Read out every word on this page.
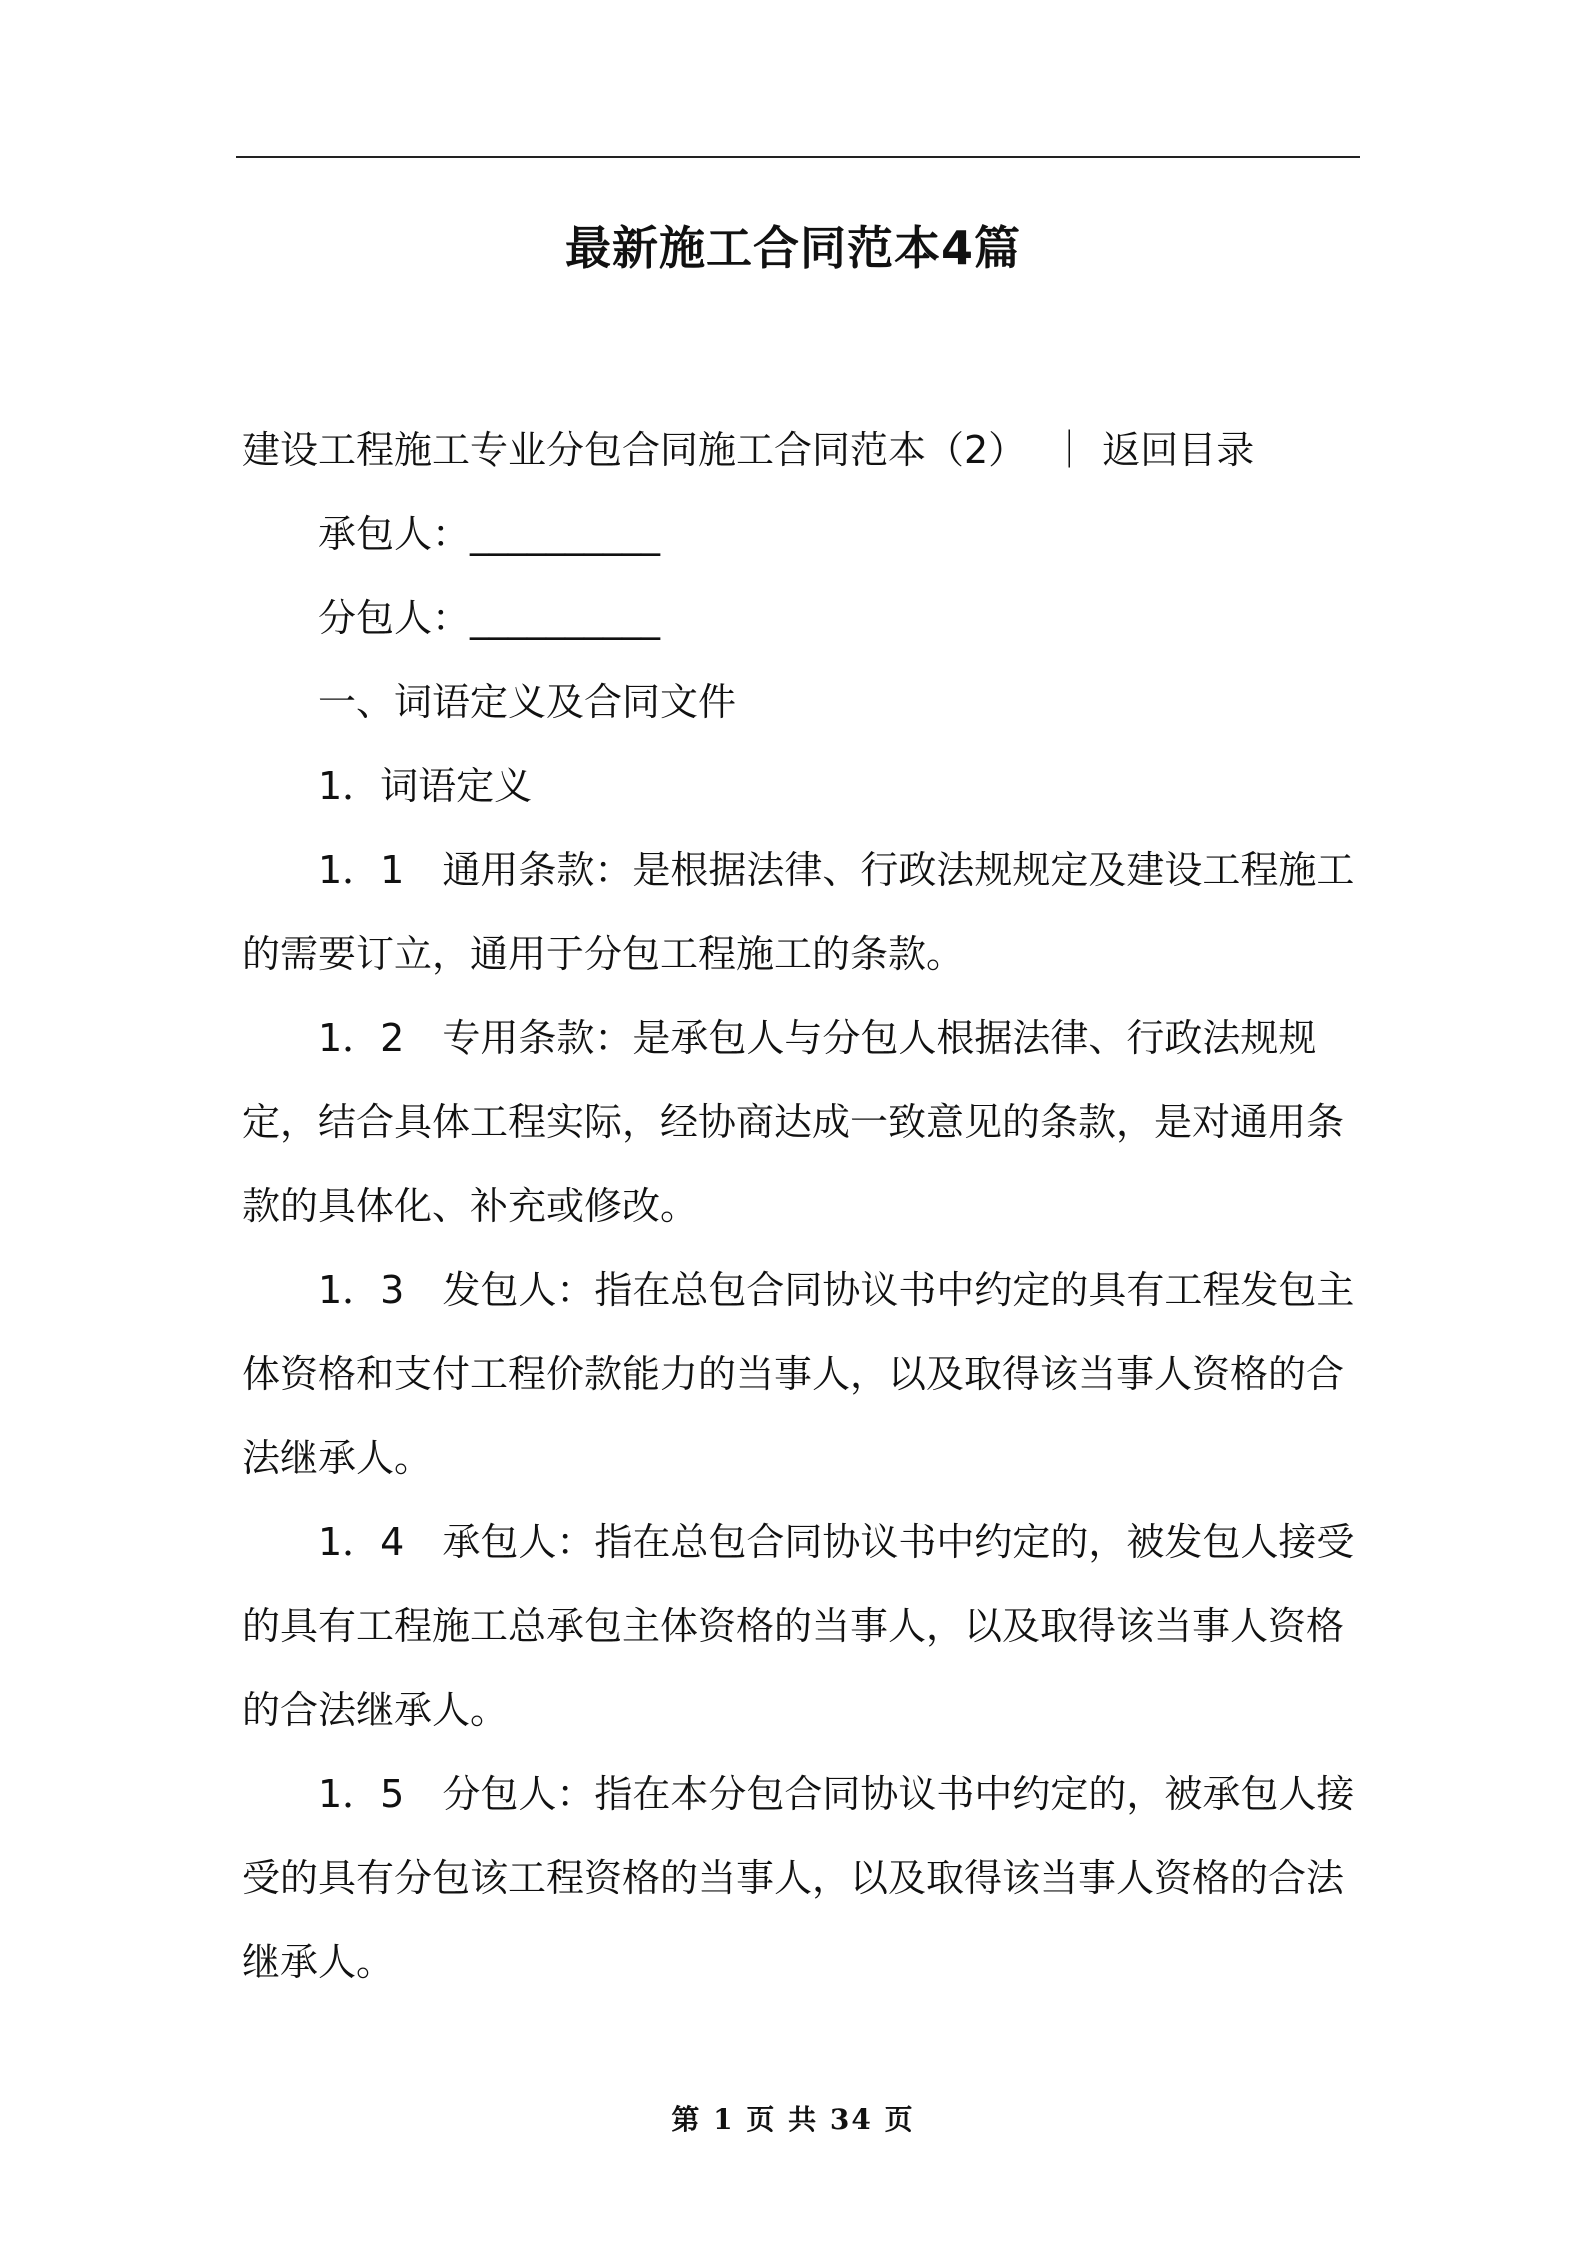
最新施工合同范本4篇

建设工程施工专业分包合同施工合同范本（2） ｜ 返回目录

承包人：__________

分包人：__________

一、词语定义及合同文件

1．词语定义

1．1　通用条款：是根据法律、行政法规规定及建设工程施工的需要订立，通用于分包工程施工的条款。

1．2　专用条款：是承包人与分包人根据法律、行政法规规定，结合具体工程实际，经协商达成一致意见的条款，是对通用条款的具体化、补充或修改。

1．3　发包人：指在总包合同协议书中约定的具有工程发包主体资格和支付工程价款能力的当事人，以及取得该当事人资格的合法继承人。

1．4　承包人：指在总包合同协议书中约定的，被发包人接受的具有工程施工总承包主体资格的当事人，以及取得该当事人资格的合法继承人。

1．5　分包人：指在本分包合同协议书中约定的，被承包人接受的具有分包该工程资格的当事人，以及取得该当事人资格的合法继承人。

第 1 页 共 34 页
